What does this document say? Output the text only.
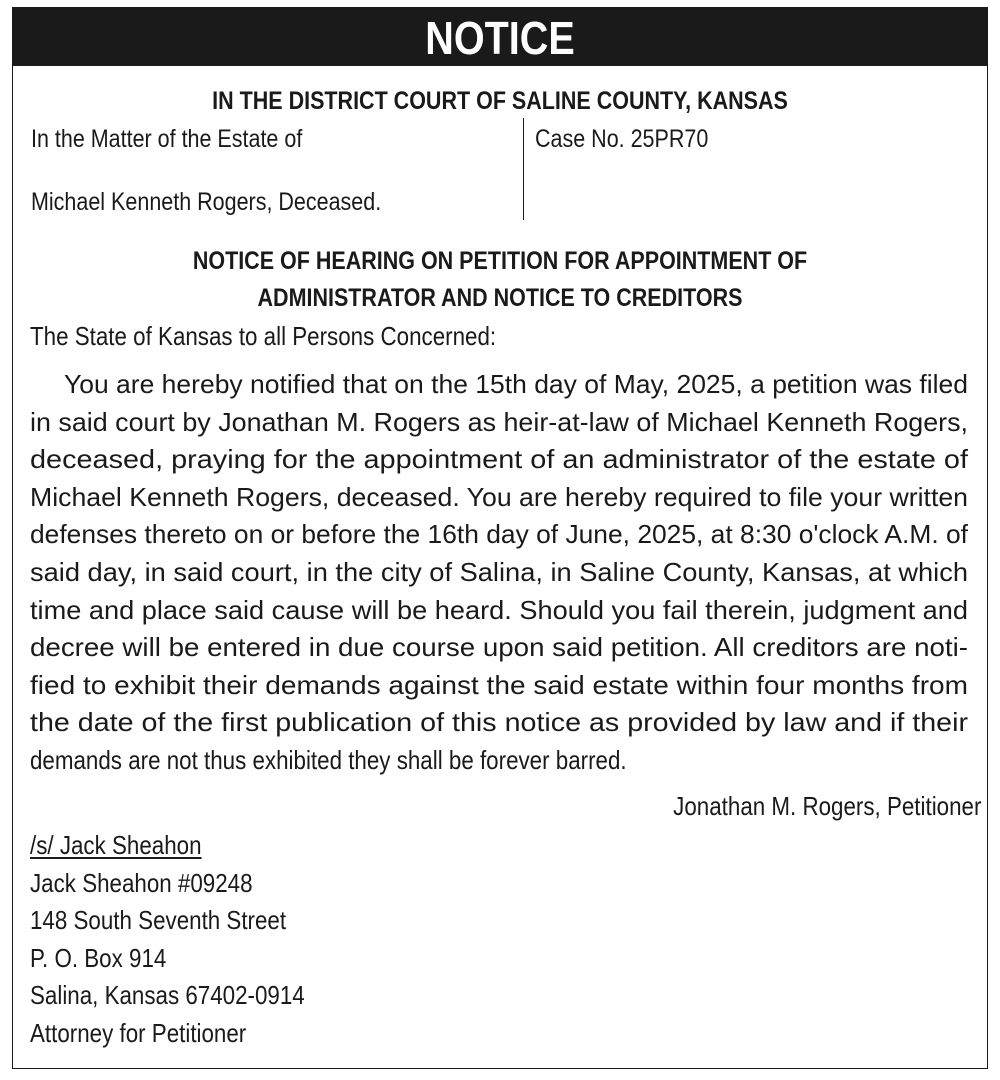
NOTICE
IN THE DISTRICT COURT OF SALINE COUNTY, KANSAS
In the Matter of the Estate of
Michael Kenneth Rogers, Deceased.
Case No. 25PR70
NOTICE OF HEARING ON PETITION FOR APPOINTMENT OF
ADMINISTRATOR AND NOTICE TO CREDITORS
The State of Kansas to all Persons Concerned:
You are hereby notified that on the 15th day of May, 2025, a petition was filed
in said court by Jonathan M. Rogers as heir-at-law of Michael Kenneth Rogers,
deceased, praying for the appointment of an administrator of the estate of
Michael Kenneth Rogers, deceased. You are hereby required to file your written
defenses thereto on or before the 16th day of June, 2025, at 8:30 o'clock A.M. of
said day, in said court, in the city of Salina, in Saline County, Kansas, at which
time and place said cause will be heard. Should you fail therein, judgment and
decree will be entered in due course upon said petition. All creditors are noti-
fied to exhibit their demands against the said estate within four months from
the date of the first publication of this notice as provided by law and if their
demands are not thus exhibited they shall be forever barred.
Jonathan M. Rogers, Petitioner
/s/ Jack Sheahon
Jack Sheahon #09248
148 South Seventh Street
P. O. Box 914
Salina, Kansas 67402-0914
Attorney for Petitioner
